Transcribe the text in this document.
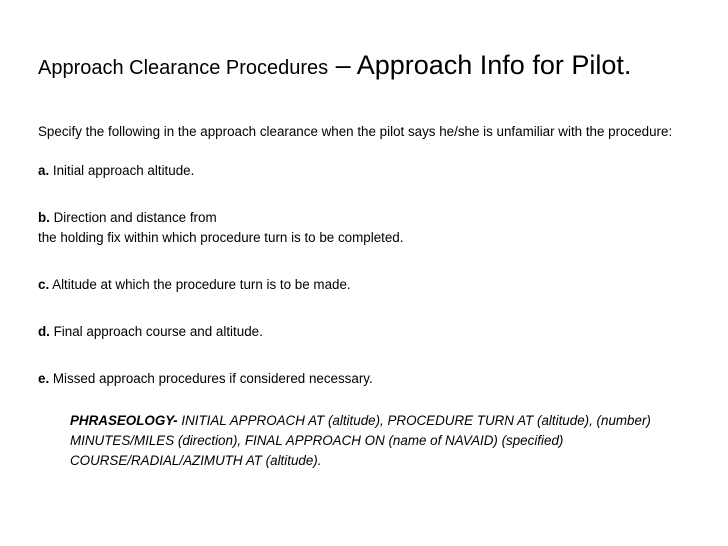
Approach Clearance Procedures – Approach Info for Pilot.

Specify the following in the approach clearance when the pilot says he/she is unfamiliar with the procedure:

a. Initial approach altitude.

b. Direction and distance from
the holding fix within which procedure turn is to be completed.

c. Altitude at which the procedure turn is to be made.

d. Final approach course and altitude.

e. Missed approach procedures if considered necessary.

PHRASEOLOGY- INITIAL APPROACH AT (altitude), PROCEDURE TURN AT (altitude), (number) MINUTES/MILES (direction), FINAL APPROACH ON (name of NAVAID) (specified) COURSE/RADIAL/AZIMUTH AT (altitude).
